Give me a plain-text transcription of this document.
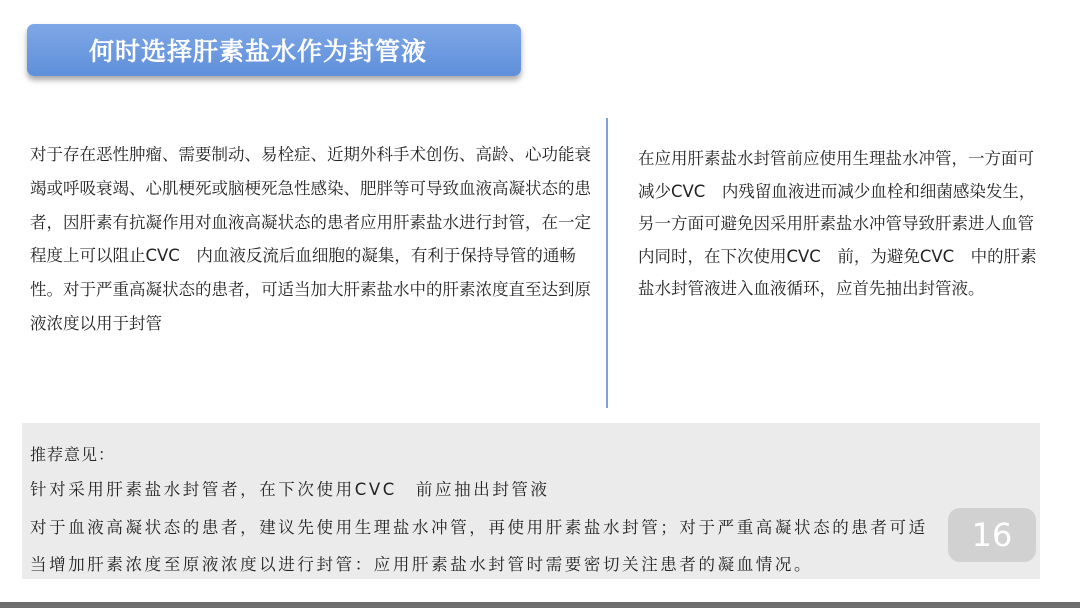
何时选择肝素盐水作为封管液
对于存在恶性肿瘤、需要制动、易栓症、近期外科手术创伤、高龄、心功能衰竭或呼吸衰竭、心肌梗死或脑梗死急性感染、肥胖等可导致血液高凝状态的患者，因肝素有抗凝作用对血液高凝状态的患者应用肝素盐水进行封管，在一定程度上可以阻止CVC　内血液反流后血细胞的凝集，有利于保持导管的通畅性。对于严重高凝状态的患者，可适当加大肝素盐水中的肝素浓度直至达到原液浓度以用于封管
在应用肝素盐水封管前应使用生理盐水冲管，一方面可减少CVC　内残留血液进而减少血栓和细菌感染发生，另一方面可避免因采用肝素盐水冲管导致肝素进人血管内同时，在下次使用CVC　前，为避免CVC　中的肝素盐水封管液进入血液循环，应首先抽出封管液。
推荐意见：
针对采用肝素盐水封管者，在下次使用CVC　前应抽出封管液
对于血液高凝状态的患者，建议先使用生理盐水冲管，再使用肝素盐水封管；对于严重高凝状态的患者可适
当增加肝素浓度至原液浓度以进行封管：应用肝素盐水封管时需要密切关注患者的凝血情况。
16
